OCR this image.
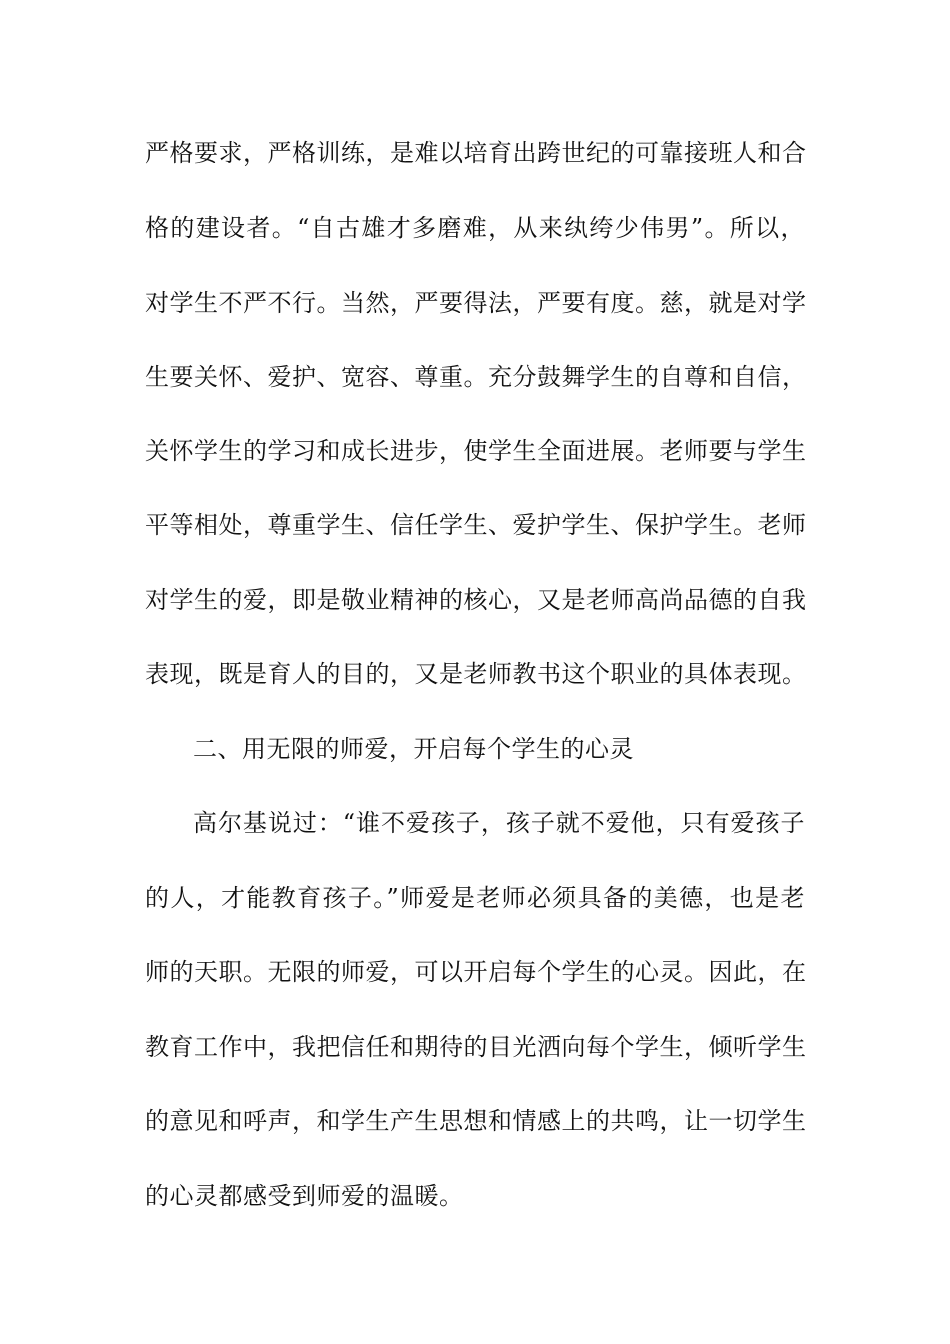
严格要求，严格训练，是难以培育出跨世纪的可靠接班人和合
格的建设者。“自古雄才多磨难，从来纨绔少伟男”。所以，
对学生不严不行。当然，严要得法，严要有度。慈，就是对学
生要关怀、爱护、宽容、尊重。充分鼓舞学生的自尊和自信，
关怀学生的学习和成长进步，使学生全面进展。老师要与学生
平等相处，尊重学生、信任学生、爱护学生、保护学生。老师
对学生的爱，即是敬业精神的核心，又是老师高尚品德的自我
表现，既是育人的目的，又是老师教书这个职业的具体表现。
二、用无限的师爱，开启每个学生的心灵
高尔基说过：“谁不爱孩子，孩子就不爱他，只有爱孩子
的人，才能教育孩子。”师爱是老师必须具备的美德，也是老
师的天职。无限的师爱，可以开启每个学生的心灵。因此，在
教育工作中，我把信任和期待的目光洒向每个学生，倾听学生
的意见和呼声，和学生产生思想和情感上的共鸣，让一切学生
的心灵都感受到师爱的温暖。
